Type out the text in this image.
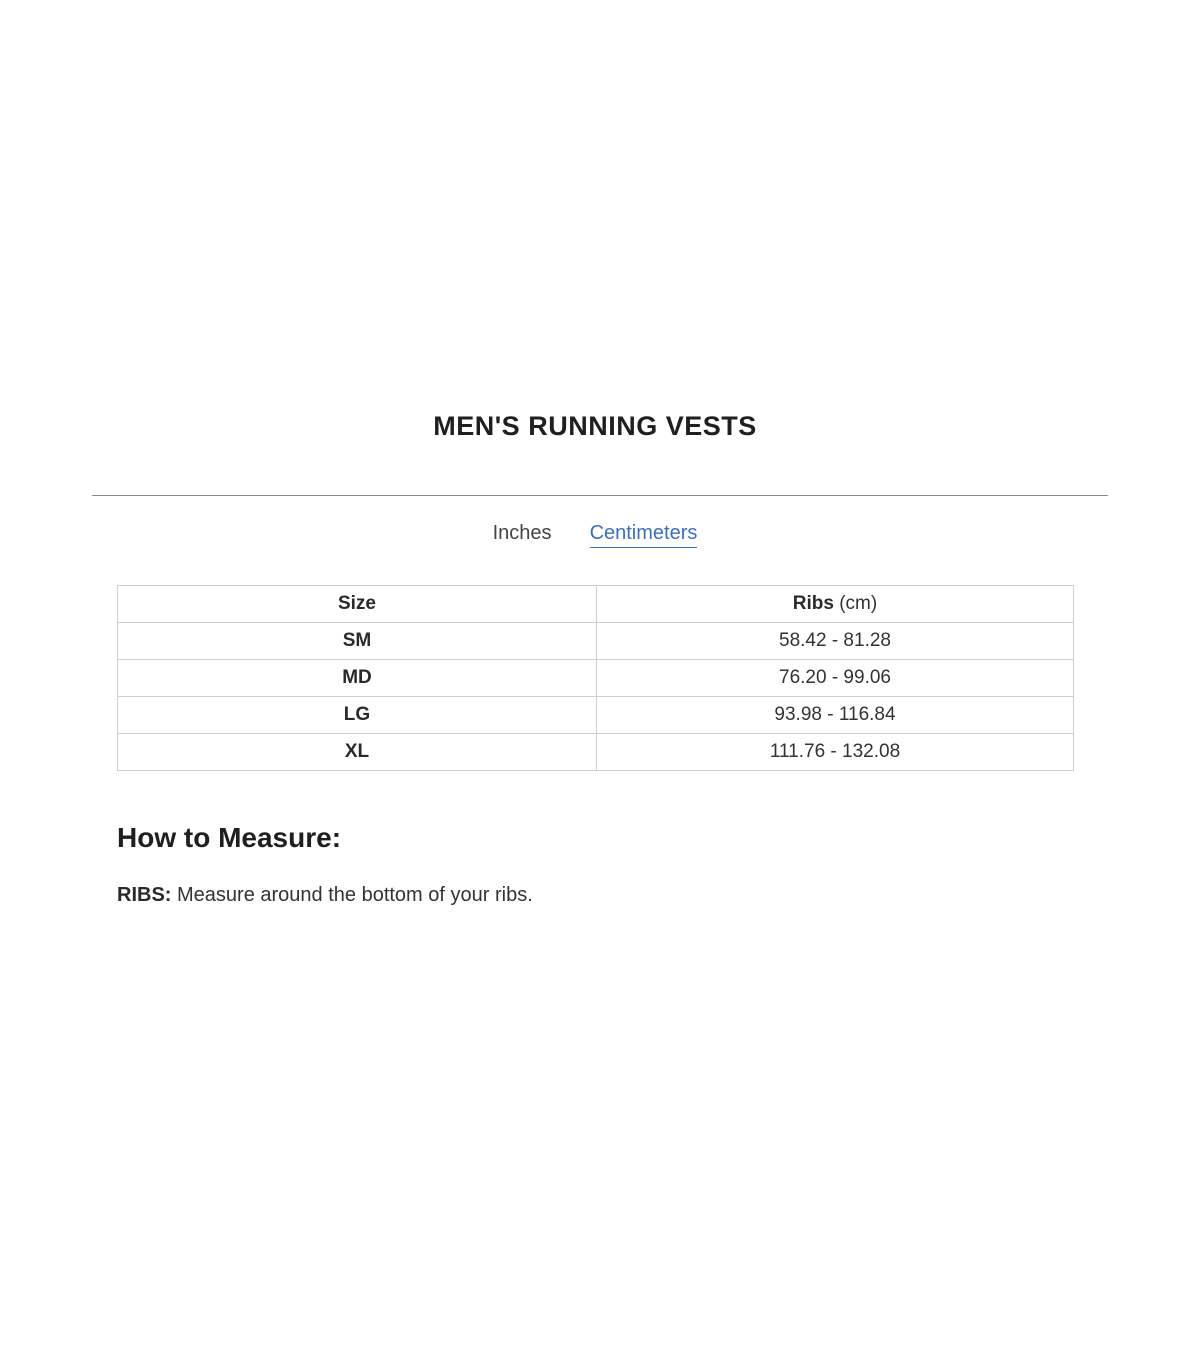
MEN'S RUNNING VESTS
Inches Centimeters
Size	Ribs (cm)
SM	58.42 - 81.28
MD	76.20 - 99.06
LG	93.98 - 116.84
XL	111.76 - 132.08
How to Measure:

RIBS: Measure around the bottom of your ribs.
